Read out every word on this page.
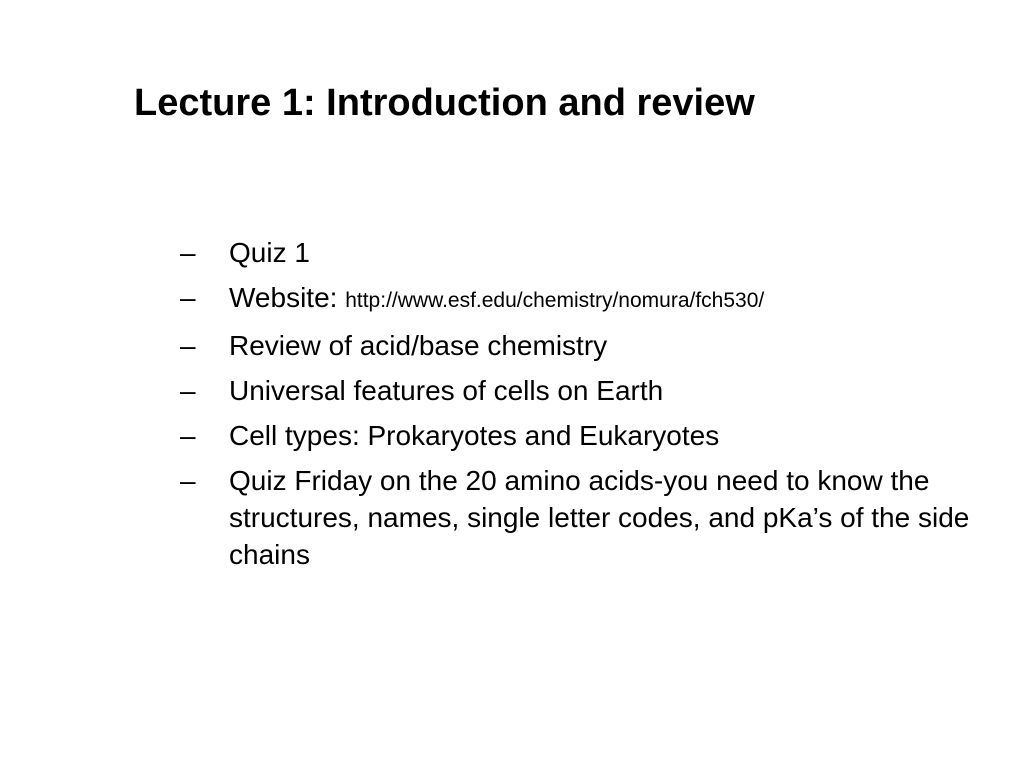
Lecture 1: Introduction and review
– Quiz 1
– Website: http://www.esf.edu/chemistry/nomura/fch530/
– Review of acid/base chemistry
– Universal features of cells on Earth
– Cell types: Prokaryotes and Eukaryotes
– Quiz Friday on the 20 amino acids-you need to know the structures, names, single letter codes, and pKa’s of the side chains
